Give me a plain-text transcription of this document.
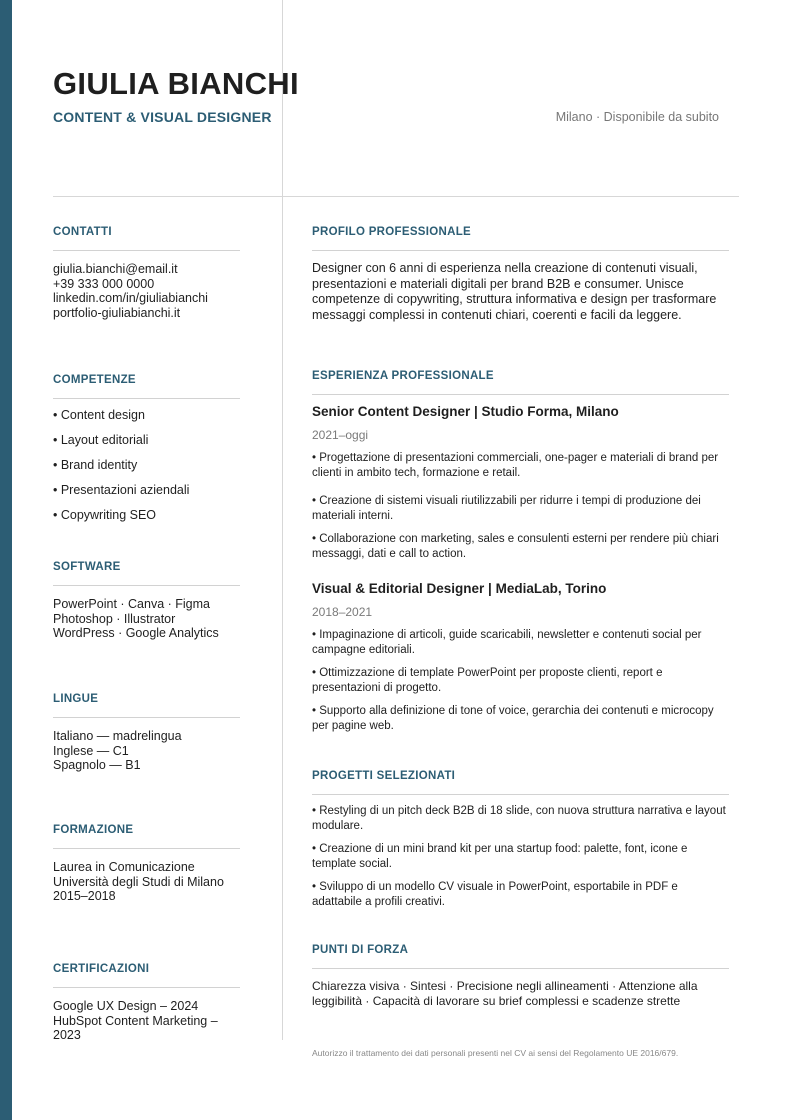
GIULIA BIANCHI
CONTENT & VISUAL DESIGNER	Milano · Disponibile da subito
CONTATTI
giulia.bianchi@email.it
+39 333 000 0000
linkedin.com/in/giuliabianchi
portfolio-giuliabianchi.it
COMPETENZE
• Content design
• Layout editoriali
• Brand identity
• Presentazioni aziendali
• Copywriting SEO
SOFTWARE
PowerPoint · Canva · Figma
Photoshop · Illustrator
WordPress · Google Analytics
LINGUE
Italiano — madrelingua
Inglese — C1
Spagnolo — B1
FORMAZIONE
Laurea in Comunicazione
Università degli Studi di Milano
2015–2018
CERTIFICAZIONI
Google UX Design – 2024
HubSpot Content Marketing – 2023
PROFILO PROFESSIONALE
Designer con 6 anni di esperienza nella creazione di contenuti visuali, presentazioni e materiali digitali per brand B2B e consumer. Unisce competenze di copywriting, struttura informativa e design per trasformare messaggi complessi in contenuti chiari, coerenti e facili da leggere.
ESPERIENZA PROFESSIONALE
Senior Content Designer | Studio Forma, Milano
2021–oggi
• Progettazione di presentazioni commerciali, one-pager e materiali di brand per clienti in ambito tech, formazione e retail.
• Creazione di sistemi visuali riutilizzabili per ridurre i tempi di produzione dei materiali interni.
• Collaborazione con marketing, sales e consulenti esterni per rendere più chiari messaggi, dati e call to action.
Visual & Editorial Designer | MediaLab, Torino
2018–2021
• Impaginazione di articoli, guide scaricabili, newsletter e contenuti social per campagne editoriali.
• Ottimizzazione di template PowerPoint per proposte clienti, report e presentazioni di progetto.
• Supporto alla definizione di tone of voice, gerarchia dei contenuti e microcopy per pagine web.
PROGETTI SELEZIONATI
• Restyling di un pitch deck B2B di 18 slide, con nuova struttura narrativa e layout modulare.
• Creazione di un mini brand kit per una startup food: palette, font, icone e template social.
• Sviluppo di un modello CV visuale in PowerPoint, esportabile in PDF e adattabile a profili creativi.
PUNTI DI FORZA
Chiarezza visiva · Sintesi · Precisione negli allineamenti · Attenzione alla leggibilità · Capacità di lavorare su brief complessi e scadenze strette
Autorizzo il trattamento dei dati personali presenti nel CV ai sensi del Regolamento UE 2016/679.
